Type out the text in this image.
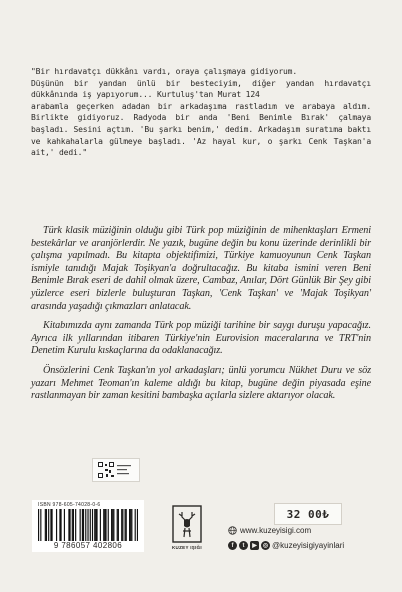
"Bir hırdavatçı dükkânı vardı, oraya çalışmaya gidiyorum.

Düşünün bir yandan ünlü bir besteciyim, diğer yandan hırdavatçı dükkânında iş yapıyorum... Kurtuluş'tan Murat 124

arabamla geçerken adadan bir arkadaşıma rastladım ve arabaya aldım. Birlikte gidiyoruz. Radyoda bir anda 'Beni Benimle Bırak' çalmaya başladı. Sesini açtım. 'Bu şarkı benim,' dedim. Arkadaşım suratıma baktı ve kahkahalarla gülmeye başladı. 'Az hayal kur, o şarkı Cenk Taşkan'a ait,' dedi."

Türk klasik müziğinin olduğu gibi Türk pop müziğinin de mihenktaşları Ermeni bestekârlar ve aranjörlerdir. Ne yazık, bugüne değin bu konu üzerinde derinlikli bir çalışma yapılmadı. Bu kitapta objektifimizi, Türkiye kamuoyunun Cenk Taşkan ismiyle tanıdığı Majak Toşikyan'a doğrultacağız. Bu kitaba ismini veren Beni Benimle Bırak eseri de dahil olmak üzere, Cambaz, Anılar, Dört Günlük Bir Şey gibi yüzlerce eseri bizlerle buluşturan Taşkan, 'Cenk Taşkan' ve 'Majak Toşikyan' arasında yaşadığı çıkmazları anlatacak.

Kitabımızda aynı zamanda Türk pop müziği tarihine bir saygı duruşu yapacağız. Ayrıca ilk yıllarından itibaren Türkiye'nin Eurovision maceralarına ve TRT'nin Denetim Kurulu kıskaçlarına da odaklanacağız.

Önsözlerini Cenk Taşkan'ın yol arkadaşları; ünlü yorumcu Nükhet Duru ve söz yazarı Mehmet Teoman'ın kaleme aldığı bu kitap, bugüne değin piyasada eşine rastlanmayan bir zaman kesitini bambaşka açılarla sizlere aktarıyor olacak.

ISBN 978-605-74028-0-6
9 786057 402806	KUZEY IŞIĞI
32 00₺
www.kuzeyisigi.com
f	t	▶	◎ @kuzeyisigiyayinlari
